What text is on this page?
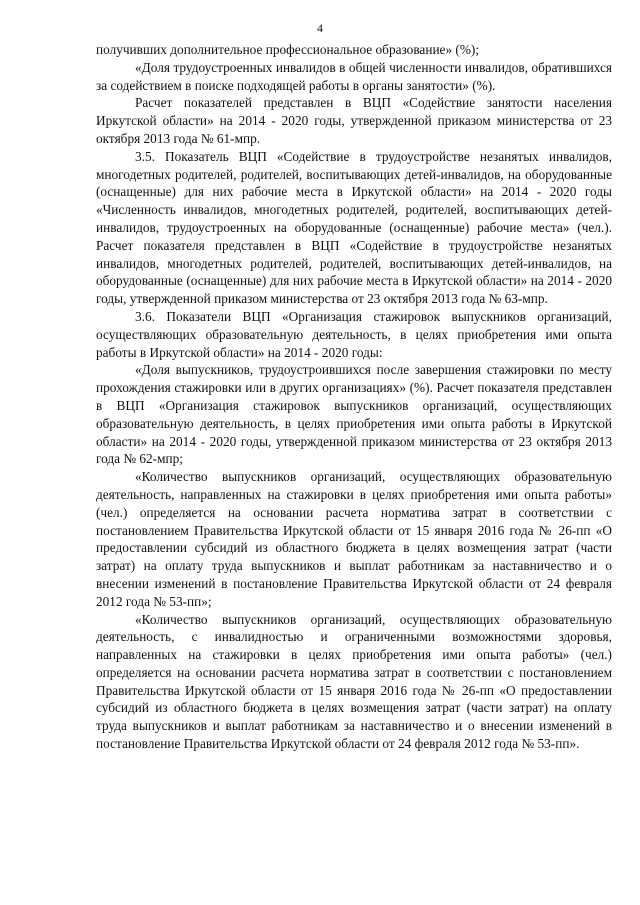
4

получивших дополнительное профессиональное образование» (%);

«Доля трудоустроенных инвалидов в общей численности инвалидов, обратившихся за содействием в поиске подходящей работы в органы занятости» (%).

Расчет показателей представлен в ВЦП «Содействие занятости населения Иркутской области» на 2014 - 2020 годы, утвержденной приказом министерства от 23 октября 2013 года № 61-мпр.

3.5. Показатель ВЦП «Содействие в трудоустройстве незанятых инвалидов, многодетных родителей, родителей, воспитывающих детей-инвалидов, на оборудованные (оснащенные) для них рабочие места в Иркутской области» на 2014 - 2020 годы «Численность инвалидов, многодетных родителей, родителей, воспитывающих детей-инвалидов, трудоустроенных на оборудованные (оснащенные) рабочие места» (чел.). Расчет показателя представлен в ВЦП «Содействие в трудоустройстве незанятых инвалидов, многодетных родителей, родителей, воспитывающих детей-инвалидов, на оборудованные (оснащенные) для них рабочие места в Иркутской области» на 2014 - 2020 годы, утвержденной приказом министерства от 23 октября 2013 года № 63-мпр.

3.6. Показатели ВЦП «Организация стажировок выпускников организаций, осуществляющих образовательную деятельность, в целях приобретения ими опыта работы в Иркутской области» на 2014 - 2020 годы:

«Доля выпускников, трудоустроившихся после завершения стажировки по месту прохождения стажировки или в других организациях» (%). Расчет показателя представлен в ВЦП «Организация стажировок выпускников организаций, осуществляющих образовательную деятельность, в целях приобретения ими опыта работы в Иркутской области» на 2014 - 2020 годы, утвержденной приказом министерства от 23 октября 2013 года № 62-мпр;

«Количество выпускников организаций, осуществляющих образовательную деятельность, направленных на стажировки в целях приобретения ими опыта работы» (чел.) определяется на основании расчета норматива затрат в соответствии с постановлением Правительства Иркутской области от 15 января 2016 года № 26-пп «О предоставлении субсидий из областного бюджета в целях возмещения затрат (части затрат) на оплату труда выпускников и выплат работникам за наставничество и о внесении изменений в постановление Правительства Иркутской области от 24 февраля 2012 года № 53-пп»;

«Количество выпускников организаций, осуществляющих образовательную деятельность, с инвалидностью и ограниченными возможностями здоровья, направленных на стажировки в целях приобретения ими опыта работы» (чел.) определяется на основании расчета норматива затрат в соответствии с постановлением Правительства Иркутской области от 15 января 2016 года № 26-пп «О предоставлении субсидий из областного бюджета в целях возмещения затрат (части затрат) на оплату труда выпускников и выплат работникам за наставничество и о внесении изменений в постановление Правительства Иркутской области от 24 февраля 2012 года № 53-пп».
